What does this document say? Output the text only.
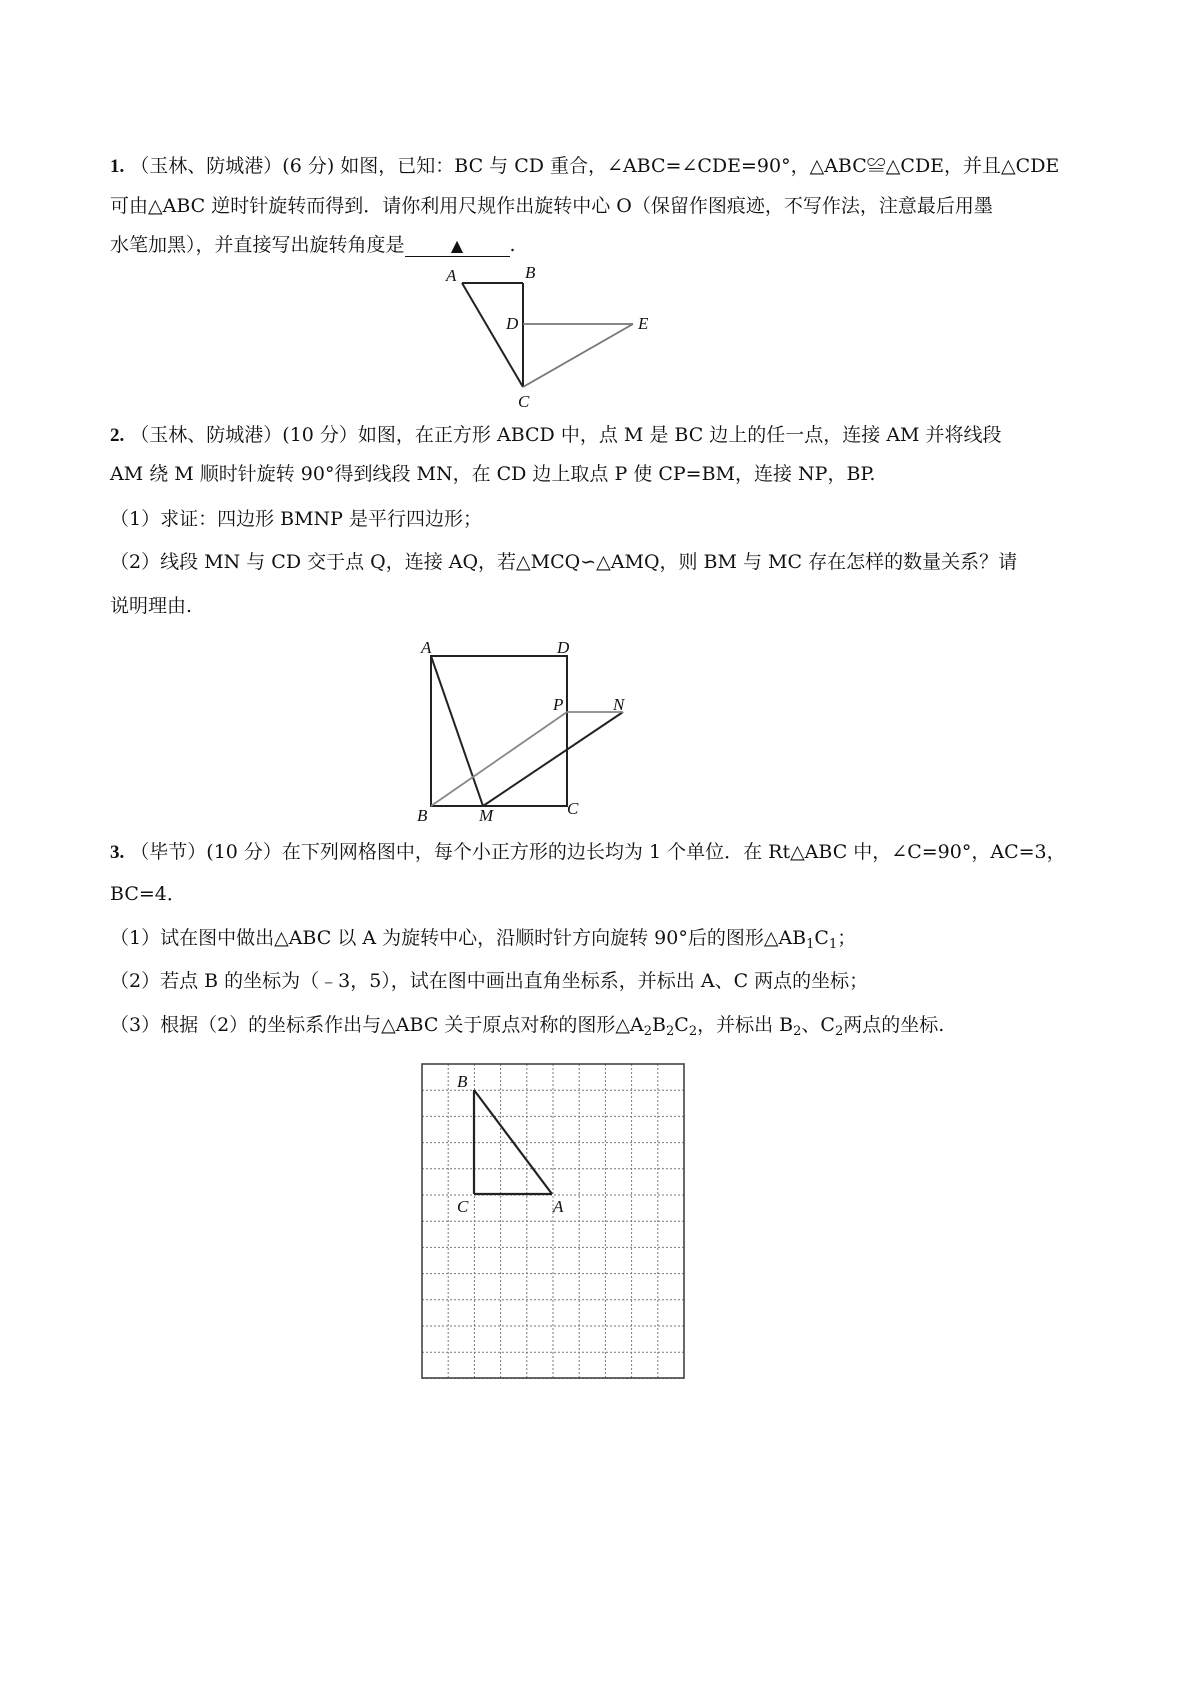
1. （玉林、防城港）(6 分) 如图，已知：BC 与 CD 重合，∠ABC=∠CDE=90°，△ABC≌△CDE，并且△CDE
可由△ABC 逆时针旋转而得到．请你利用尺规作出旋转中心 O（保留作图痕迹，不写作法，注意最后用墨
水笔加黑），并直接写出旋转角度是	▲ .
A	B
D	E
C
2. （玉林、防城港）(10 分）如图，在正方形 ABCD 中，点 M 是 BC 边上的任一点，连接 AM 并将线段
AM 绕 M 顺时针旋转 90°得到线段 MN，在 CD 边上取点 P 使 CP=BM，连接 NP，BP.
（1）求证：四边形 BMNP 是平行四边形；
（2）线段 MN 与 CD 交于点 Q，连接 AQ，若△MCQ∽△AMQ，则 BM 与 MC 存在怎样的数量关系？请
说明理由.
A	D
P	N
B	M	C
3. （毕节）(10 分）在下列网格图中，每个小正方形的边长均为 1 个单位．在 Rt△ABC 中，∠C=90°，AC=3，
BC=4．
（1）试在图中做出△ABC 以 A 为旋转中心，沿顺时针方向旋转 90°后的图形$\triangle AB_1C_1$；
（2）若点 B 的坐标为（﹣3，5），试在图中画出直角坐标系，并标出 A、C 两点的坐标；
（3）根据（2）的坐标系作出与△ABC 关于原点对称的图形$\triangle A_2B_2C_2$，并标出 $B_2$、$C_2$两点的坐标.
B
C	A
